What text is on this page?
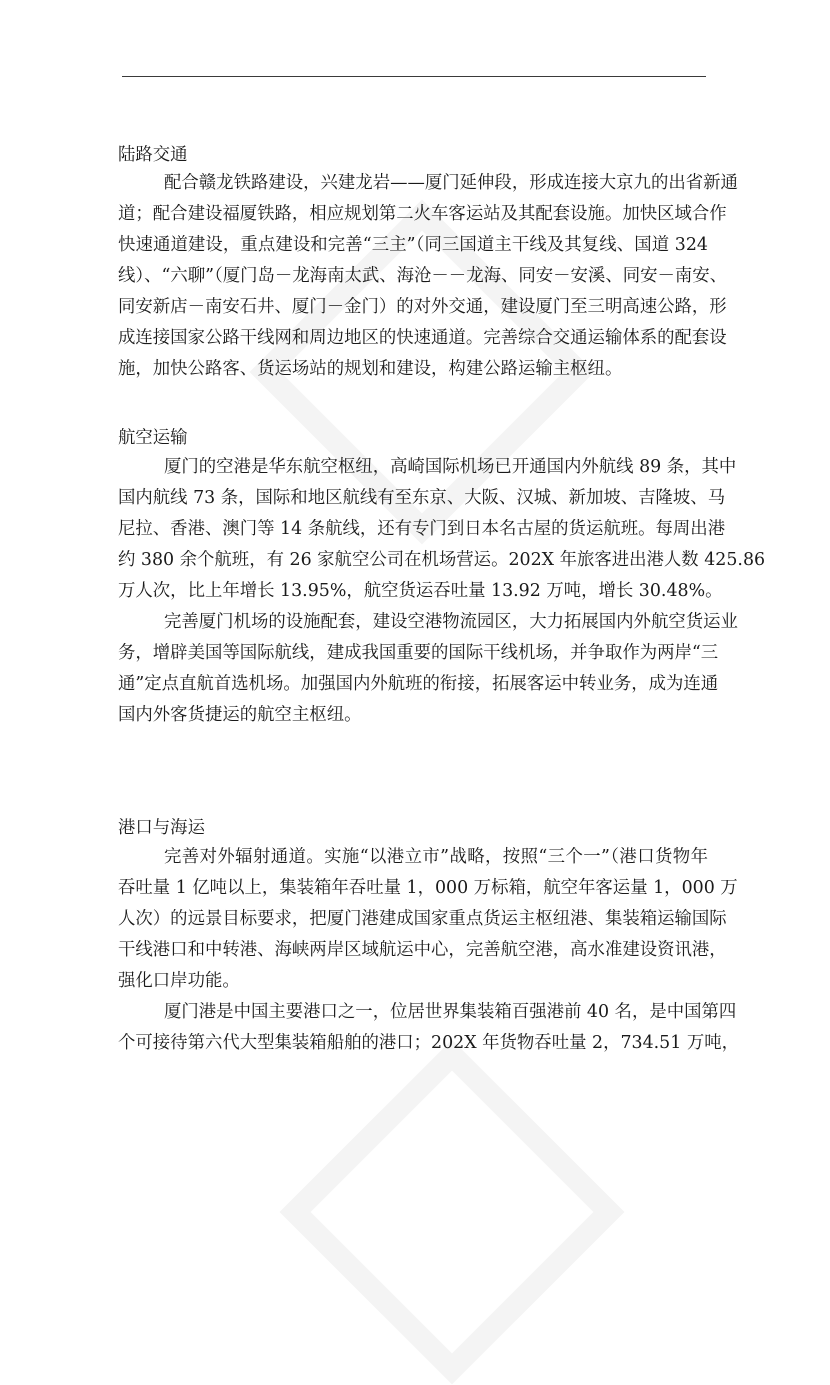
陆路交通
配合赣龙铁路建设，兴建龙岩——厦门延伸段，形成连接大京九的出省新通
道；配合建设福厦铁路，相应规划第二火车客运站及其配套设施。加快区域合作
快速通道建设，重点建设和完善“三主”（同三国道主干线及其复线、国道 324
线）、“六聊”（厦门岛－龙海南太武、海沧－－龙海、同安－安溪、同安－南安、
同安新店－南安石井、厦门－金门）的对外交通，建设厦门至三明高速公路，形
成连接国家公路干线网和周边地区的快速通道。完善综合交通运输体系的配套设
施，加快公路客、货运场站的规划和建设，构建公路运输主枢纽。
航空运输
厦门的空港是华东航空枢纽，高崎国际机场已开通国内外航线 89 条，其中
国内航线 73 条，国际和地区航线有至东京、大阪、汉城、新加坡、吉隆坡、马
尼拉、香港、澳门等 14 条航线，还有专门到日本名古屋的货运航班。每周出港
约 380 余个航班，有 26 家航空公司在机场营运。202X 年旅客进出港人数 425.86
万人次，比上年增长 13.95%，航空货运吞吐量 13.92 万吨，增长 30.48%。
完善厦门机场的设施配套，建设空港物流园区，大力拓展国内外航空货运业
务，增辟美国等国际航线，建成我国重要的国际干线机场，并争取作为两岸“三
通”定点直航首选机场。加强国内外航班的衔接，拓展客运中转业务，成为连通
国内外客货捷运的航空主枢纽。
港口与海运
完善对外辐射通道。实施“以港立市”战略，按照“三个一”（港口货物年
吞吐量 1 亿吨以上，集装箱年吞吐量 1，000 万标箱，航空年客运量 1，000 万
人次）的远景目标要求，把厦门港建成国家重点货运主枢纽港、集装箱运输国际
干线港口和中转港、海峡两岸区域航运中心，完善航空港，高水准建设资讯港，
强化口岸功能。
厦门港是中国主要港口之一，位居世界集装箱百强港前 40 名，是中国第四
个可接待第六代大型集装箱船舶的港口；202X 年货物吞吐量 2，734.51 万吨，
